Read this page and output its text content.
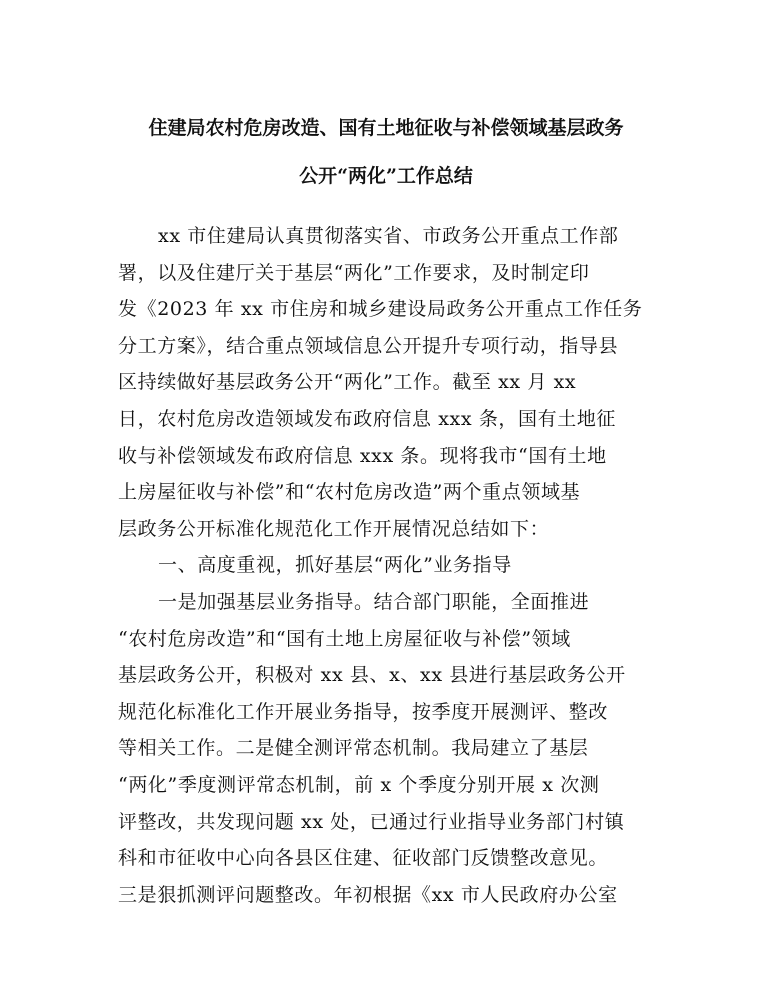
住建局农村危房改造、国有土地征收与补偿领域基层政务
公开“两化”工作总结
xx 市住建局认真贯彻落实省、市政务公开重点工作部
署，以及住建厅关于基层“两化”工作要求，及时制定印
发《2023 年 xx 市住房和城乡建设局政务公开重点工作任务
分工方案》，结合重点领域信息公开提升专项行动，指导县
区持续做好基层政务公开“两化”工作。截至 xx 月 xx
日，农村危房改造领域发布政府信息 xxx 条，国有土地征
收与补偿领域发布政府信息 xxx 条。现将我市“国有土地
上房屋征收与补偿”和“农村危房改造”两个重点领域基
层政务公开标准化规范化工作开展情况总结如下：
一、高度重视，抓好基层“两化”业务指导
一是加强基层业务指导。结合部门职能，全面推进
“农村危房改造”和“国有土地上房屋征收与补偿”领域
基层政务公开，积极对 xx 县、x、xx 县进行基层政务公开
规范化标准化工作开展业务指导，按季度开展测评、整改
等相关工作。二是健全测评常态机制。我局建立了基层
“两化”季度测评常态机制，前 x 个季度分别开展 x 次测
评整改，共发现问题 xx 处，已通过行业指导业务部门村镇
科和市征收中心向各县区住建、征收部门反馈整改意见。
三是狠抓测评问题整改。年初根据《xx 市人民政府办公室
